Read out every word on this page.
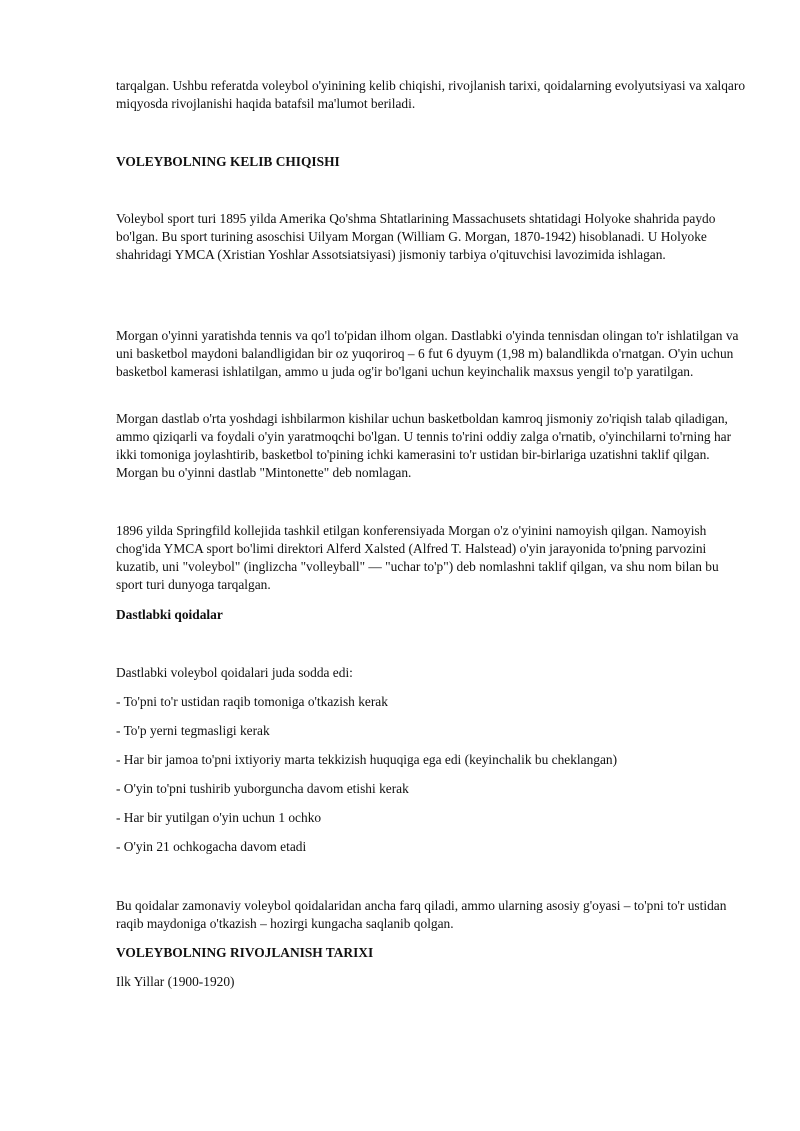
tarqalgan. Ushbu referatda voleybol o'yinining kelib chiqishi, rivojlanish tarixi, qoidalarning evolyutsiyasi va xalqaro miqyosda rivojlanishi haqida batafsil ma'lumot beriladi.

VOLEYBOLNING KELIB CHIQISHI

Voleybol sport turi 1895 yilda Amerika Qo'shma Shtatlarining Massachusets shtatidagi Holyoke shahrida paydo bo'lgan. Bu sport turining asoschisi Uilyam Morgan (William G. Morgan, 1870-1942) hisoblanadi. U Holyoke shahridagi YMCA (Xristian Yoshlar Assotsiatsiyasi) jismoniy tarbiya o'qituvchisi lavozimida ishlagan.

Morgan o'yinni yaratishda tennis va qo'l to'pidan ilhom olgan. Dastlabki o'yinda tennisdan olingan to'r ishlatilgan va uni basketbol maydoni balandligidan bir oz yuqoriroq – 6 fut 6 dyuym (1,98 m) balandlikda o'rnatgan. O'yin uchun basketbol kamerasi ishlatilgan, ammo u juda og'ir bo'lgani uchun keyinchalik maxsus yengil to'p yaratilgan.

Morgan dastlab o'rta yoshdagi ishbilarmon kishilar uchun basketboldan kamroq jismoniy zo'riqish talab qiladigan, ammo qiziqarli va foydali o'yin yaratmoqchi bo'lgan. U tennis to'rini oddiy zalga o'rnatib, o'yinchilarni to'rning har ikki tomoniga joylashtirib, basketbol to'pining ichki kamerasini to'r ustidan bir-birlariga uzatishni taklif qilgan. Morgan bu o'yinni dastlab "Mintonette" deb nomlagan.

1896 yilda Springfild kollejida tashkil etilgan konferensiyada Morgan o'z o'yinini namoyish qilgan. Namoyish chog'ida YMCA sport bo'limi direktori Alferd Xalsted (Alfred T. Halstead) o'yin jarayonida to'pning parvozini kuzatib, uni "voleybol" (inglizcha "volleyball" — "uchar to'p") deb nomlashni taklif qilgan, va shu nom bilan bu sport turi dunyoga tarqalgan.

Dastlabki qoidalar

Dastlabki voleybol qoidalari juda sodda edi:

- To'pni to'r ustidan raqib tomoniga o'tkazish kerak

- To'p yerni tegmasligi kerak

- Har bir jamoa to'pni ixtiyoriy marta tekkizish huquqiga ega edi (keyinchalik bu cheklangan)

- O'yin to'pni tushirib yuborguncha davom etishi kerak

- Har bir yutilgan o'yin uchun 1 ochko

- O'yin 21 ochkogacha davom etadi

Bu qoidalar zamonaviy voleybol qoidalaridan ancha farq qiladi, ammo ularning asosiy g'oyasi – to'pni to'r ustidan raqib maydoniga o'tkazish – hozirgi kungacha saqlanib qolgan.

VOLEYBOLNING RIVOJLANISH TARIXI

Ilk Yillar (1900-1920)
